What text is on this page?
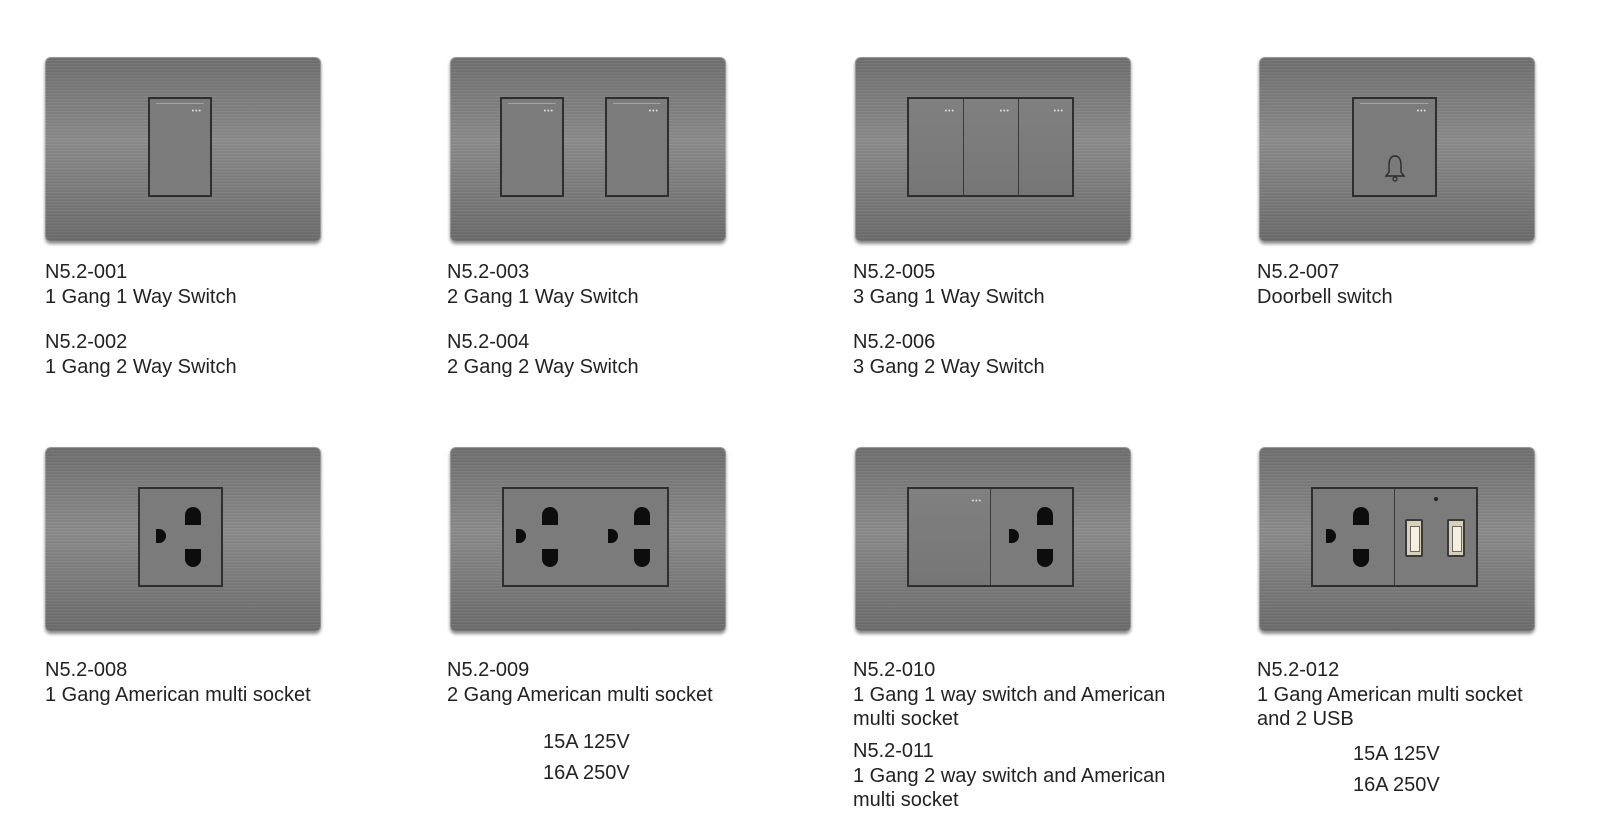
•••	•••	•••	•••	•••	•••	•••
•••
N5.2-001
1 Gang 1 Way Switch
N5.2-002
1 Gang 2 Way Switch
N5.2-003
2 Gang 1 Way Switch
N5.2-004
2 Gang 2 Way Switch
N5.2-005
3 Gang 1 Way Switch
N5.2-006
3 Gang 2 Way Switch
N5.2-007
Doorbell switch
N5.2-008
1 Gang American multi socket
N5.2-009
2 Gang American multi socket
15A 125V
16A 250V
N5.2-010
1 Gang 1 way switch and American
multi socket
N5.2-011
1 Gang 2 way switch and American
multi socket
N5.2-012
1 Gang American multi socket
and 2 USB
15A 125V
16A 250V
